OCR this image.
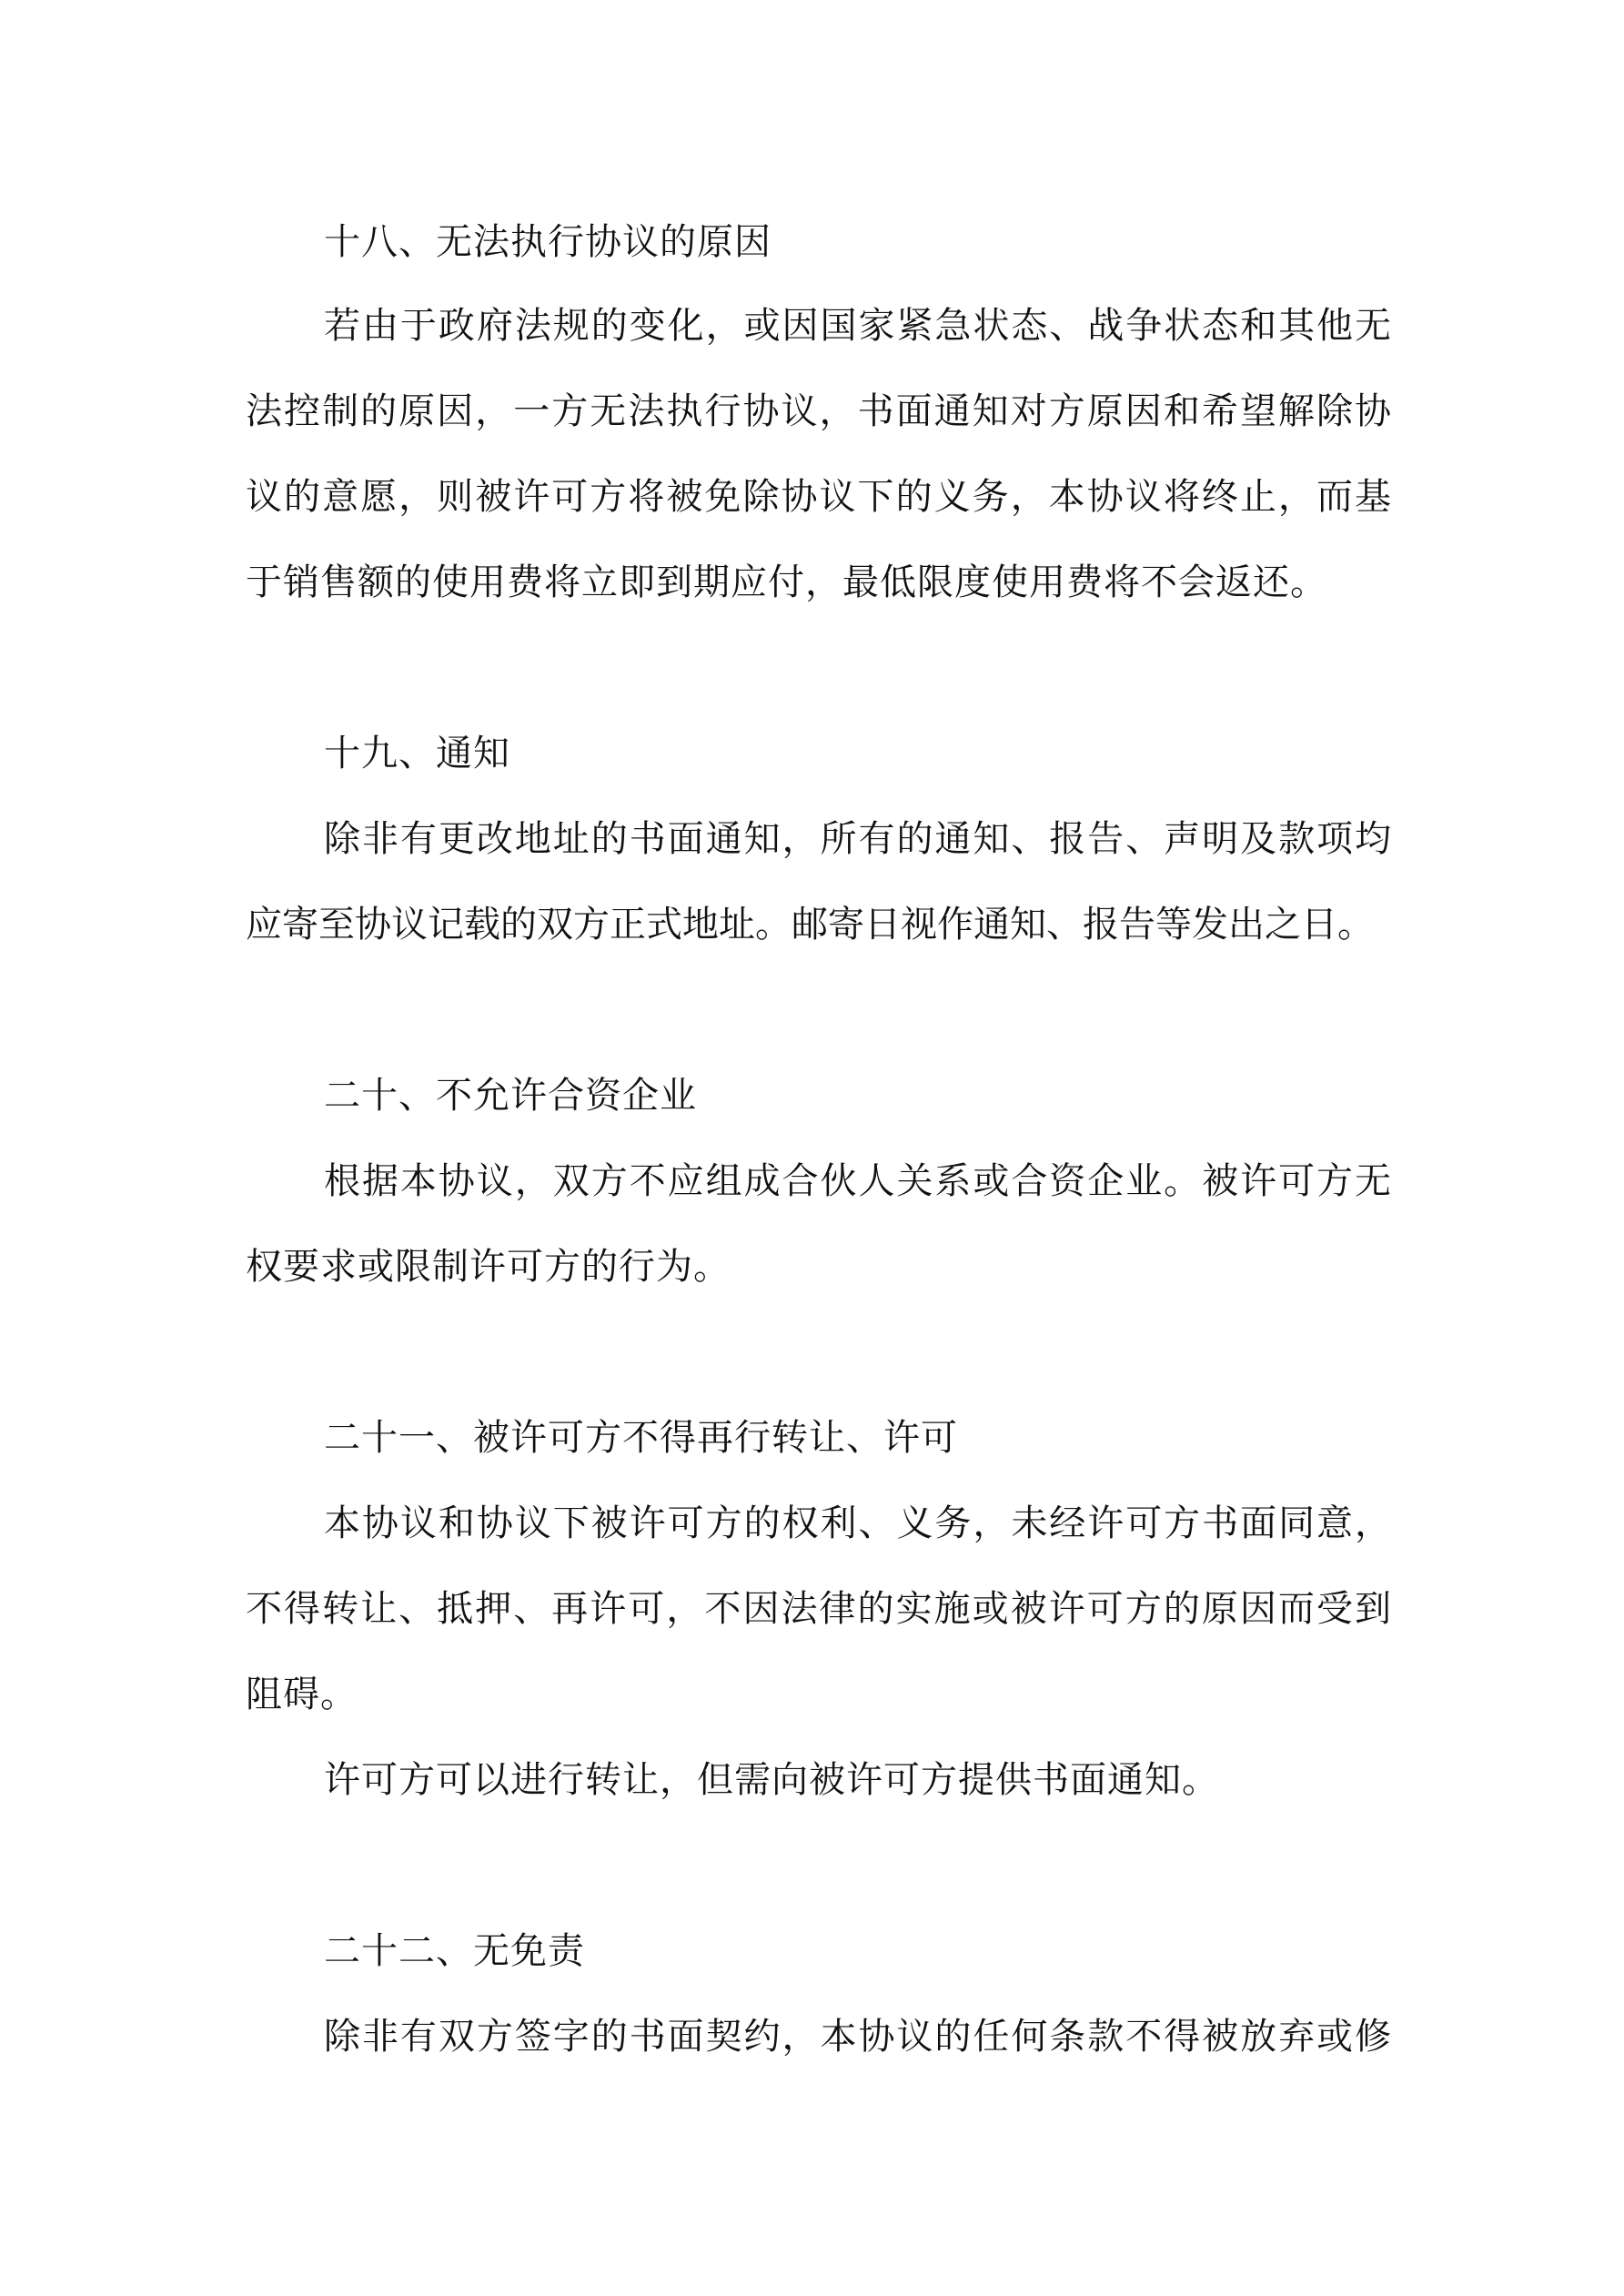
十八、无法执行协议的原因
若由于政府法规的变化，或因国家紧急状态、战争状态和其他无
法控制的原因，一方无法执行协议，书面通知对方原因和希望解除协
议的意愿，则被许可方将被免除协议下的义务，本协议将终止，而基
于销售额的使用费将立即到期应付，最低限度使用费将不会返还。
十九、通知
除非有更改地址的书面通知，所有的通知、报告、声明及款项均
应寄至协议记载的双方正式地址。邮寄日视作通知、报告等发出之日。
二十、不允许合资企业
根据本协议，双方不应组成合伙人关系或合资企业。被许可方无
权要求或限制许可方的行为。
二十一、被许可方不得再行转让、许可
本协议和协议下被许可方的权利、义务，未经许可方书面同意，
不得转让、抵押、再许可，不因法律的实施或被许可方的原因而受到
阻碍。
许可方可以进行转让，但需向被许可方提供书面通知。
二十二、无免责
除非有双方签字的书面契约，本协议的任何条款不得被放弃或修
